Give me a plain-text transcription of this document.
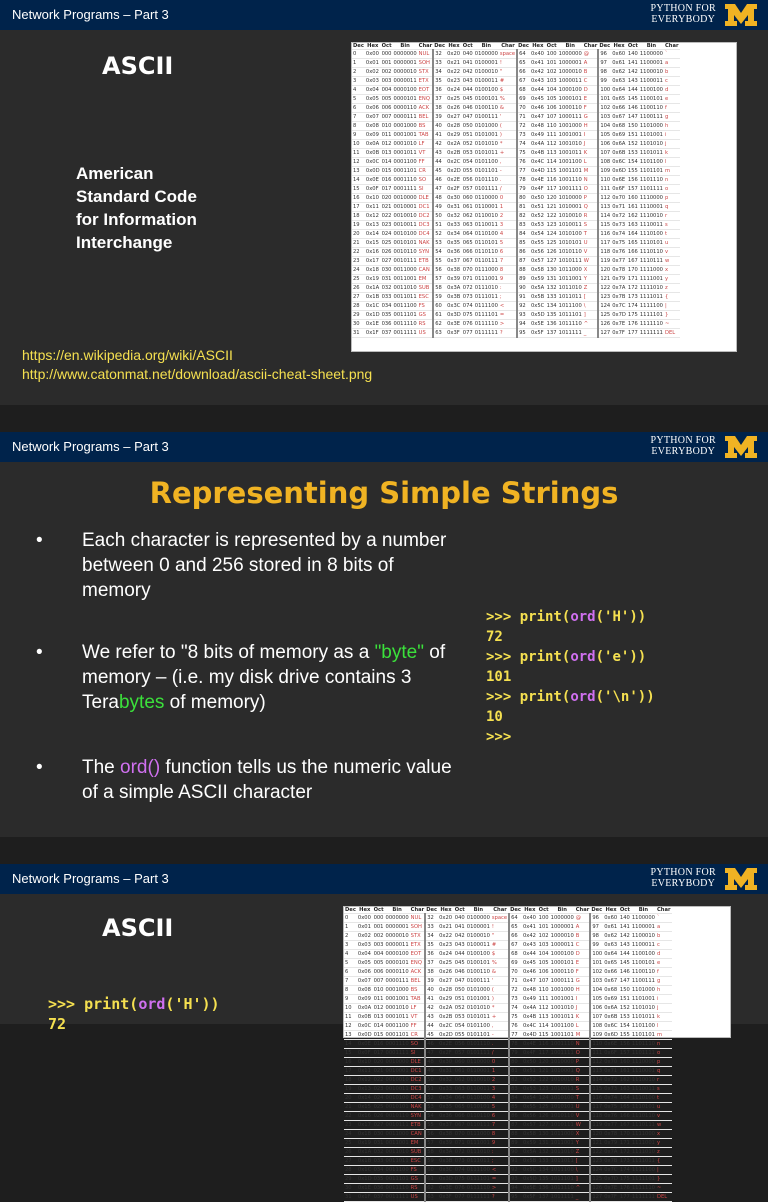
Network Programs – Part 3	PYTHON FOR
EVERYBODY
ASCII
American
Standard Code
for Information
Interchange
Dec	Hex	Oct	Bin	Char	Dec	Hex	Oct	Bin	Char	Dec	Hex	Oct	Bin	Char	Dec	Hex	Oct	Bin	Char
0	0x00	000	0000000	NUL	32	0x20	040	0100000	space	64	0x40	100	1000000	@	96	0x60	140	1100000	`
1	0x01	001	0000001	SOH	33	0x21	041	0100001	!	65	0x41	101	1000001	A	97	0x61	141	1100001	a
2	0x02	002	0000010	STX	34	0x22	042	0100010	"	66	0x42	102	1000010	B	98	0x62	142	1100010	b
3	0x03	003	0000011	ETX	35	0x23	043	0100011	#	67	0x43	103	1000011	C	99	0x63	143	1100011	c
4	0x04	004	0000100	EOT	36	0x24	044	0100100	$	68	0x44	104	1000100	D	100	0x64	144	1100100	d
5	0x05	005	0000101	ENQ	37	0x25	045	0100101	%	69	0x45	105	1000101	E	101	0x65	145	1100101	e
6	0x06	006	0000110	ACK	38	0x26	046	0100110	&	70	0x46	106	1000110	F	102	0x66	146	1100110	f
7	0x07	007	0000111	BEL	39	0x27	047	0100111	'	71	0x47	107	1000111	G	103	0x67	147	1100111	g
8	0x08	010	0001000	BS	40	0x28	050	0101000	(	72	0x48	110	1001000	H	104	0x68	150	1101000	h
9	0x09	011	0001001	TAB	41	0x29	051	0101001	)	73	0x49	111	1001001	I	105	0x69	151	1101001	i
10	0x0A	012	0001010	LF	42	0x2A	052	0101010	*	74	0x4A	112	1001010	J	106	0x6A	152	1101010	j
11	0x0B	013	0001011	VT	43	0x2B	053	0101011	+	75	0x4B	113	1001011	K	107	0x6B	153	1101011	k
12	0x0C	014	0001100	FF	44	0x2C	054	0101100	,	76	0x4C	114	1001100	L	108	0x6C	154	1101100	l
13	0x0D	015	0001101	CR	45	0x2D	055	0101101	-	77	0x4D	115	1001101	M	109	0x6D	155	1101101	m
14	0x0E	016	0001110	SO	46	0x2E	056	0101110	.	78	0x4E	116	1001110	N	110	0x6E	156	1101110	n
15	0x0F	017	0001111	SI	47	0x2F	057	0101111	/	79	0x4F	117	1001111	O	111	0x6F	157	1101111	o
16	0x10	020	0010000	DLE	48	0x30	060	0110000	0	80	0x50	120	1010000	P	112	0x70	160	1110000	p
17	0x11	021	0010001	DC1	49	0x31	061	0110001	1	81	0x51	121	1010001	Q	113	0x71	161	1110001	q
18	0x12	022	0010010	DC2	50	0x32	062	0110010	2	82	0x52	122	1010010	R	114	0x72	162	1110010	r
19	0x13	023	0010011	DC3	51	0x33	063	0110011	3	83	0x53	123	1010011	S	115	0x73	163	1110011	s
20	0x14	024	0010100	DC4	52	0x34	064	0110100	4	84	0x54	124	1010100	T	116	0x74	164	1110100	t
21	0x15	025	0010101	NAK	53	0x35	065	0110101	5	85	0x55	125	1010101	U	117	0x75	165	1110101	u
22	0x16	026	0010110	SYN	54	0x36	066	0110110	6	86	0x56	126	1010110	V	118	0x76	166	1110110	v
23	0x17	027	0010111	ETB	55	0x37	067	0110111	7	87	0x57	127	1010111	W	119	0x77	167	1110111	w
24	0x18	030	0011000	CAN	56	0x38	070	0111000	8	88	0x58	130	1011000	X	120	0x78	170	1111000	x
25	0x19	031	0011001	EM	57	0x39	071	0111001	9	89	0x59	131	1011001	Y	121	0x79	171	1111001	y
26	0x1A	032	0011010	SUB	58	0x3A	072	0111010	:	90	0x5A	132	1011010	Z	122	0x7A	172	1111010	z
27	0x1B	033	0011011	ESC	59	0x3B	073	0111011	;	91	0x5B	133	1011011	[	123	0x7B	173	1111011	{
28	0x1C	034	0011100	FS	60	0x3C	074	0111100	<	92	0x5C	134	1011100	\	124	0x7C	174	1111100	|
29	0x1D	035	0011101	GS	61	0x3D	075	0111101	=	93	0x5D	135	1011101	]	125	0x7D	175	1111101	}
30	0x1E	036	0011110	RS	62	0x3E	076	0111110	>	94	0x5E	136	1011110	^	126	0x7E	176	1111110	~
31	0x1F	037	0011111	US	63	0x3F	077	0111111	?	95	0x5F	137	1011111	_	127	0x7F	177	1111111	DEL
https://en.wikipedia.org/wiki/ASCII
http://www.catonmat.net/download/ascii-cheat-sheet.png
Network Programs – Part 3	PYTHON FOR
EVERYBODY
Representing Simple Strings
• Each character is represented by a number between 0 and 256 stored in 8 bits of memory
• We refer to "8 bits of memory as a "byte" of memory – (i.e. my disk drive contains 3 Terabytes of memory)
• The ord() function tells us the numeric value of a simple ASCII character
>>> print(ord('H'))
72
>>> print(ord('e'))
101
>>> print(ord('\n'))
10
>>>
Network Programs – Part 3	PYTHON FOR
EVERYBODY
ASCII
Dec	Hex	Oct	Bin	Char	Dec	Hex	Oct	Bin	Char	Dec	Hex	Oct	Bin	Char	Dec	Hex	Oct	Bin	Char
0	0x00	000	0000000	NUL	32	0x20	040	0100000	space	64	0x40	100	1000000	@	96	0x60	140	1100000	`
1	0x01	001	0000001	SOH	33	0x21	041	0100001	!	65	0x41	101	1000001	A	97	0x61	141	1100001	a
2	0x02	002	0000010	STX	34	0x22	042	0100010	"	66	0x42	102	1000010	B	98	0x62	142	1100010	b
3	0x03	003	0000011	ETX	35	0x23	043	0100011	#	67	0x43	103	1000011	C	99	0x63	143	1100011	c
4	0x04	004	0000100	EOT	36	0x24	044	0100100	$	68	0x44	104	1000100	D	100	0x64	144	1100100	d
5	0x05	005	0000101	ENQ	37	0x25	045	0100101	%	69	0x45	105	1000101	E	101	0x65	145	1100101	e
6	0x06	006	0000110	ACK	38	0x26	046	0100110	&	70	0x46	106	1000110	F	102	0x66	146	1100110	f
7	0x07	007	0000111	BEL	39	0x27	047	0100111	'	71	0x47	107	1000111	G	103	0x67	147	1100111	g
8	0x08	010	0001000	BS	40	0x28	050	0101000	(	72	0x48	110	1001000	H	104	0x68	150	1101000	h
9	0x09	011	0001001	TAB	41	0x29	051	0101001	)	73	0x49	111	1001001	I	105	0x69	151	1101001	i
10	0x0A	012	0001010	LF	42	0x2A	052	0101010	*	74	0x4A	112	1001010	J	106	0x6A	152	1101010	j
11	0x0B	013	0001011	VT	43	0x2B	053	0101011	+	75	0x4B	113	1001011	K	107	0x6B	153	1101011	k
12	0x0C	014	0001100	FF	44	0x2C	054	0101100	,	76	0x4C	114	1001100	L	108	0x6C	154	1101100	l
13	0x0D	015	0001101	CR	45	0x2D	055	0101101	-	77	0x4D	115	1001101	M	109	0x6D	155	1101101	m
14	0x0E	016	0001110	SO	46	0x2E	056	0101110	.	78	0x4E	116	1001110	N	110	0x6E	156	1101110	n
15	0x0F	017	0001111	SI	47	0x2F	057	0101111	/	79	0x4F	117	1001111	O	111	0x6F	157	1101111	o
16	0x10	020	0010000	DLE	48	0x30	060	0110000	0	80	0x50	120	1010000	P	112	0x70	160	1110000	p
17	0x11	021	0010001	DC1	49	0x31	061	0110001	1	81	0x51	121	1010001	Q	113	0x71	161	1110001	q
18	0x12	022	0010010	DC2	50	0x32	062	0110010	2	82	0x52	122	1010010	R	114	0x72	162	1110010	r
19	0x13	023	0010011	DC3	51	0x33	063	0110011	3	83	0x53	123	1010011	S	115	0x73	163	1110011	s
20	0x14	024	0010100	DC4	52	0x34	064	0110100	4	84	0x54	124	1010100	T	116	0x74	164	1110100	t
21	0x15	025	0010101	NAK	53	0x35	065	0110101	5	85	0x55	125	1010101	U	117	0x75	165	1110101	u
22	0x16	026	0010110	SYN	54	0x36	066	0110110	6	86	0x56	126	1010110	V	118	0x76	166	1110110	v
23	0x17	027	0010111	ETB	55	0x37	067	0110111	7	87	0x57	127	1010111	W	119	0x77	167	1110111	w
24	0x18	030	0011000	CAN	56	0x38	070	0111000	8	88	0x58	130	1011000	X	120	0x78	170	1111000	x
25	0x19	031	0011001	EM	57	0x39	071	0111001	9	89	0x59	131	1011001	Y	121	0x79	171	1111001	y
26	0x1A	032	0011010	SUB	58	0x3A	072	0111010	:	90	0x5A	132	1011010	Z	122	0x7A	172	1111010	z
27	0x1B	033	0011011	ESC	59	0x3B	073	0111011	;	91	0x5B	133	1011011	[	123	0x7B	173	1111011	{
28	0x1C	034	0011100	FS	60	0x3C	074	0111100	<	92	0x5C	134	1011100	\	124	0x7C	174	1111100	|
29	0x1D	035	0011101	GS	61	0x3D	075	0111101	=	93	0x5D	135	1011101	]	125	0x7D	175	1111101	}
30	0x1E	036	0011110	RS	62	0x3E	076	0111110	>	94	0x5E	136	1011110	^	126	0x7E	176	1111110	~
31	0x1F	037	0011111	US	63	0x3F	077	0111111	?	95	0x5F	137	1011111	_	127	0x7F	177	1111111	DEL
>>> print(ord('H'))
72
